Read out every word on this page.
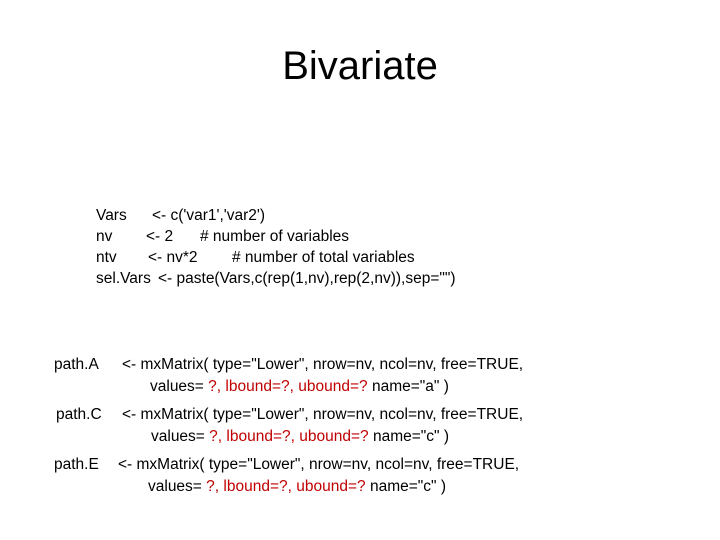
Bivariate
Vars <- c('var1','var2')
nv <- 2 # number of variables
ntv <- nv*2 # number of total variables
sel.Vars <- paste(Vars,c(rep(1,nv),rep(2,nv)),sep="")
path.A <- mxMatrix( type="Lower", nrow=nv, ncol=nv, free=TRUE,
values= ?, lbound=?, ubound=? name="a" )
path.C <- mxMatrix( type="Lower", nrow=nv, ncol=nv, free=TRUE,
values= ?, lbound=?, ubound=? name="c" )
path.E <- mxMatrix( type="Lower", nrow=nv, ncol=nv, free=TRUE,
values= ?, lbound=?, ubound=? name="c" )
